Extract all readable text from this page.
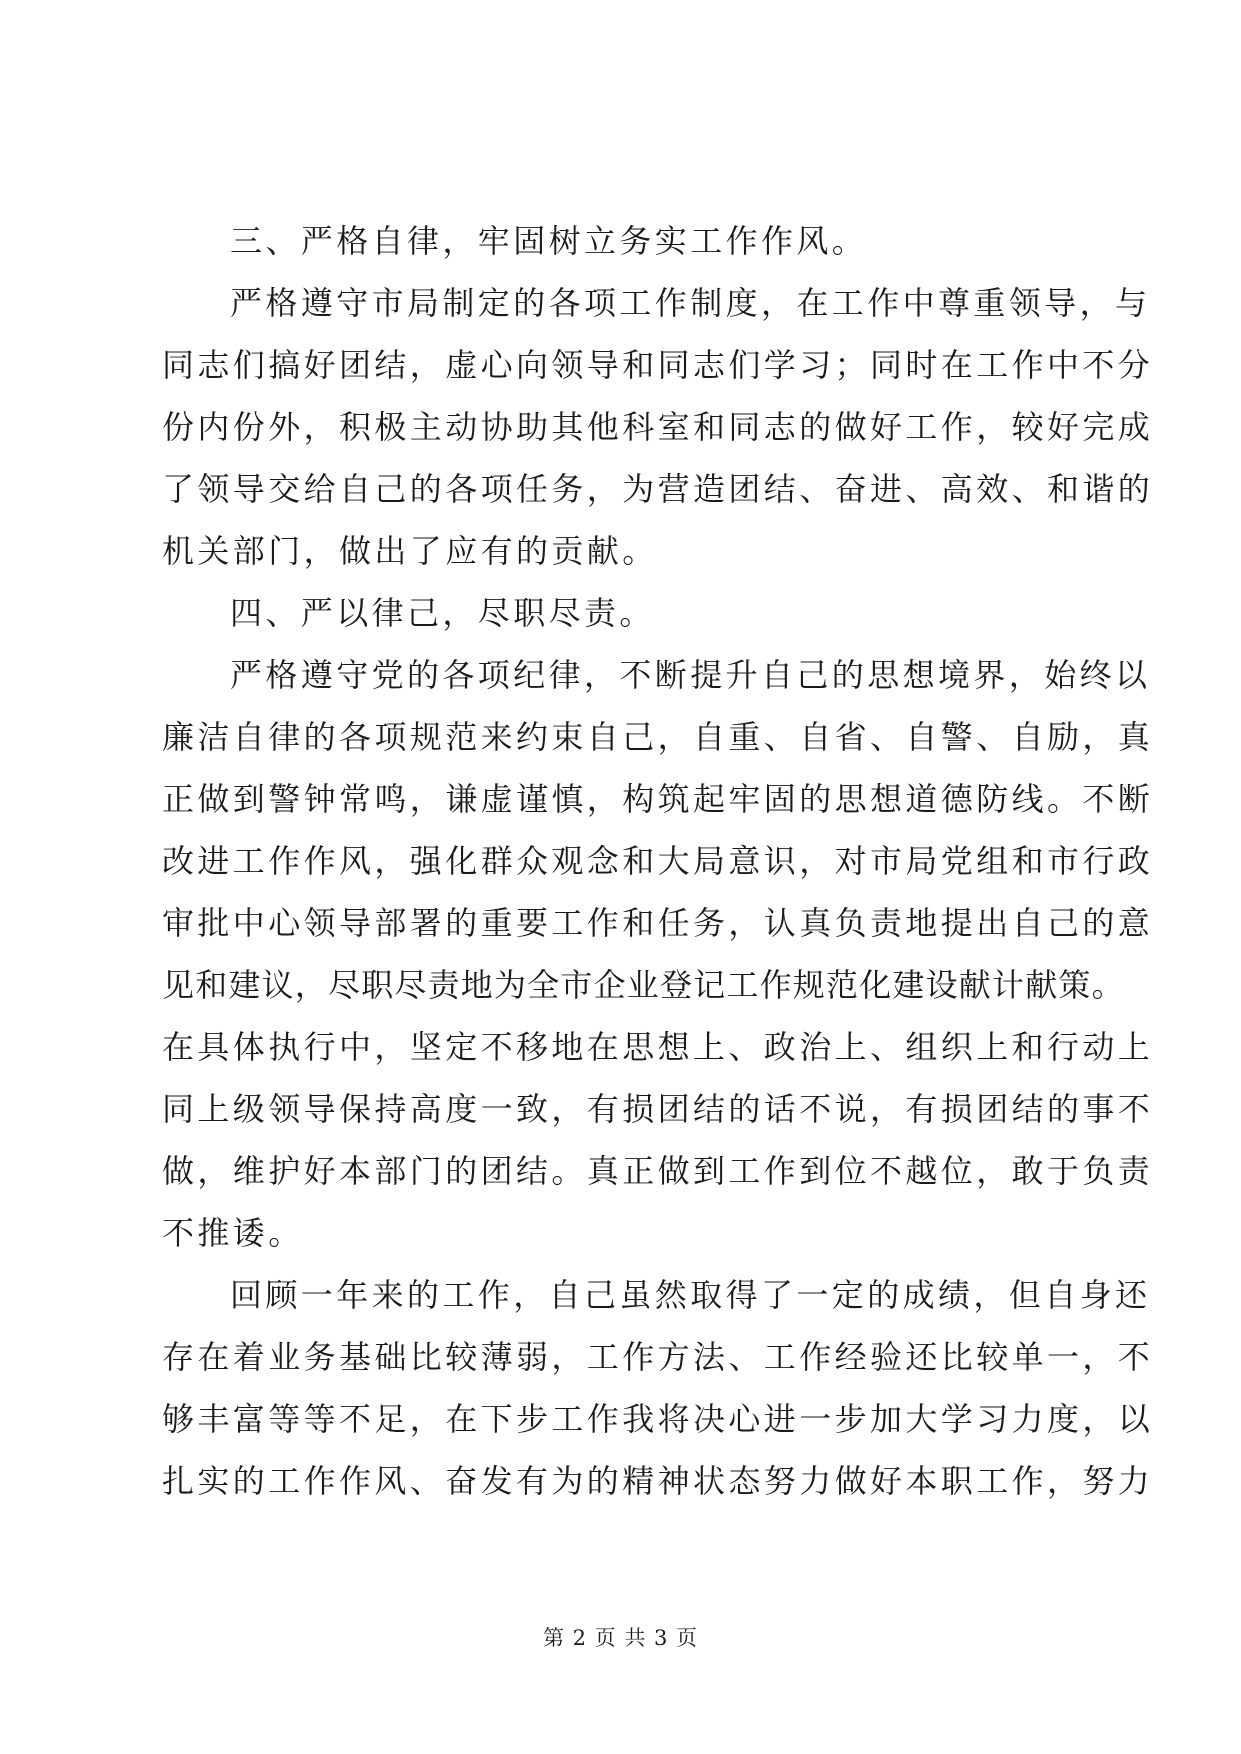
三、严格自律，牢固树立务实工作作风。
严格遵守市局制定的各项工作制度，在工作中尊重领导，与
同志们搞好团结，虚心向领导和同志们学习；同时在工作中不分
份内份外，积极主动协助其他科室和同志的做好工作，较好完成
了领导交给自己的各项任务，为营造团结、奋进、高效、和谐的
机关部门，做出了应有的贡献。
四、严以律己，尽职尽责。
严格遵守党的各项纪律，不断提升自己的思想境界，始终以
廉洁自律的各项规范来约束自己，自重、自省、自警、自励，真
正做到警钟常鸣，谦虚谨慎，构筑起牢固的思想道德防线。不断
改进工作作风，强化群众观念和大局意识，对市局党组和市行政
审批中心领导部署的重要工作和任务，认真负责地提出自己的意
见和建议，尽职尽责地为全市企业登记工作规范化建设献计献策。
在具体执行中，坚定不移地在思想上、政治上、组织上和行动上
同上级领导保持高度一致，有损团结的话不说，有损团结的事不
做，维护好本部门的团结。真正做到工作到位不越位，敢于负责
不推诿。
回顾一年来的工作，自己虽然取得了一定的成绩，但自身还
存在着业务基础比较薄弱，工作方法、工作经验还比较单一，不
够丰富等等不足，在下步工作我将决心进一步加大学习力度，以
扎实的工作作风、奋发有为的精神状态努力做好本职工作，努力
第 2 页 共 3 页
